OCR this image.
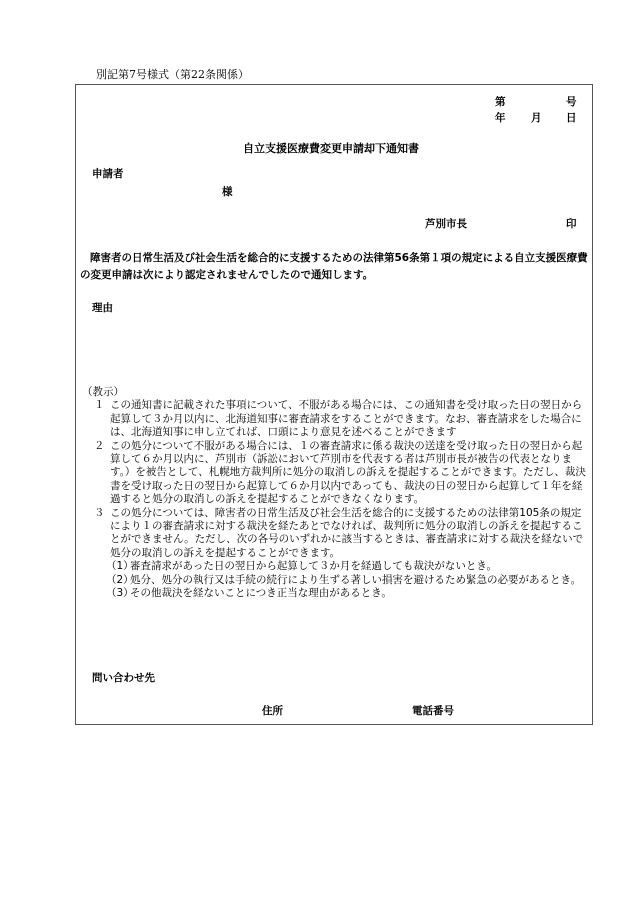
別記第7号様式（第22条関係）
第	号
年 月 日
自立支援医療費変更申請却下通知書
申請者
様
芦別市長	印
障害者の日常生活及び社会生活を総合的に支援するための法律第56条第１項の規定による自立支援医療費の変更申請は次により認定されませんでしたので通知します。
理由
（教示）
１ この通知書に記載された事項について、不服がある場合には、この通知書を受け取った日の翌日から起算して３か月以内に、北海道知事に審査請求をすることができます。なお、審査請求をした場合には、北海道知事に申し立てれば、口頭により意見を述べることができます
２ この処分について不服がある場合には、１の審査請求に係る裁決の送達を受け取った日の翌日から起算して６か月以内に、芦別市（訴訟において芦別市を代表する者は芦別市長が被告の代表となります。）を被告として、札幌地方裁判所に処分の取消しの訴えを提起することができます。ただし、裁決書を受け取った日の翌日から起算して６か月以内であっても、裁決の日の翌日から起算して１年を経過すると処分の取消しの訴えを提起することができなくなります。
３ この処分については、障害者の日常生活及び社会生活を総合的に支援するための法律第105条の規定により１の審査請求に対する裁決を経たあとでなければ、裁判所に処分の取消しの訴えを提起することができません。ただし、次の各号のいずれかに該当するときは、審査請求に対する裁決を経ないで処分の取消しの訴えを提起することができます。
（1）
審査請求があった日の翌日から起算して３か月を経過しても裁決がないとき。
（2）
処分、処分の執行又は手続の続行により生ずる著しい損害を避けるため緊急の必要があるとき。
（3）
その他裁決を経ないことにつき正当な理由があるとき。
問い合わせ先
住所	電話番号
